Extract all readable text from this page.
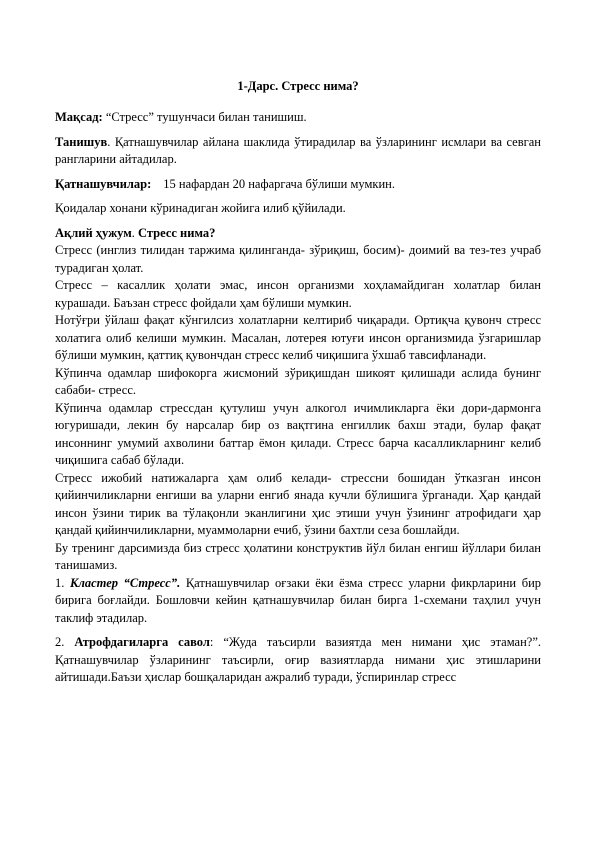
1-Дарс. Стресс нима?

Мақсад: “Стресс” тушунчаси билан танишиш.

Танишув. Қатнашувчилар айлана шаклида ўтирадилар ва ўзларининг исмлари ва севган рангларини айтадилар.

Қатнашувчилар: 15 нафардан 20 нафаргача бўлиши мумкин.

Қоидалар хонани кўринадиган жойига илиб қўйилади.

Ақлий ҳужум. Стресс нима?

Стресс (инглиз тилидан таржима қилинганда- зўриқиш, босим)- доимий ва тез-тез учраб турадиган ҳолат.

Стресс – касаллик ҳолати эмас, инсон организми хоҳламайдиган холатлар билан курашади. Баъзан стресс фойдали ҳам бўлиши мумкин.

Нотўғри ўйлаш фақат кўнгилсиз холатларни келтириб чиқаради. Ортиқча қувонч стресс холатига олиб келиши мумкин. Масалан, лотерея ютуғи инсон организмида ўзгаришлар бўлиши мумкин, қаттиқ қувончдан стресс келиб чиқишига ўхшаб тавсифланади.

Кўпинча одамлар шифокорга жисмоний зўриқишдан шикоят қилишади аслида бунинг сабаби- стресс.

Кўпинча одамлар стрессдан қутулиш учун алкогол ичимликларга ёки дори-дармонга югуришади, лекин бу нарсалар бир оз вақтгина енгиллик бахш этади, булар фақат инсоннинг умумий ахволини баттар ёмон қилади. Стресс барча касалликларнинг келиб чиқишига сабаб бўлади.

Стресс ижобий натижаларга ҳам олиб келади- стрессни бошидан ўтказган инсон қийинчиликларни енгиши ва уларни енгиб янада кучли бўлишига ўрганади. Ҳар қандай инсон ўзини тирик ва тўлақонли эканлигини ҳис этиши учун ўзининг атрофидаги ҳар қандай қийинчиликларни, муаммоларни ечиб, ўзини бахтли сеза бошлайди.

Бу тренинг дарсимизда биз стресс ҳолатини конструктив йўл билан енгиш йўллари билан танишамиз.

1. Кластер “Стресс”. Қатнашувчилар оғзаки ёки ёзма стресс уларни фикрларини бир бирига боғлайди. Бошловчи кейин қатнашувчилар билан бирга 1-схемани таҳлил учун таклиф этадилар.

2. Атрофдагиларга савол: “Жуда таъсирли вазиятда мен нимани ҳис этаман?”. Қатнашувчилар ўзларининг таъсирли, оғир вазиятларда нимани ҳис этишларини айтишади.Баъзи ҳислар бошқаларидан ажралиб туради, ўспиринлар стресс
